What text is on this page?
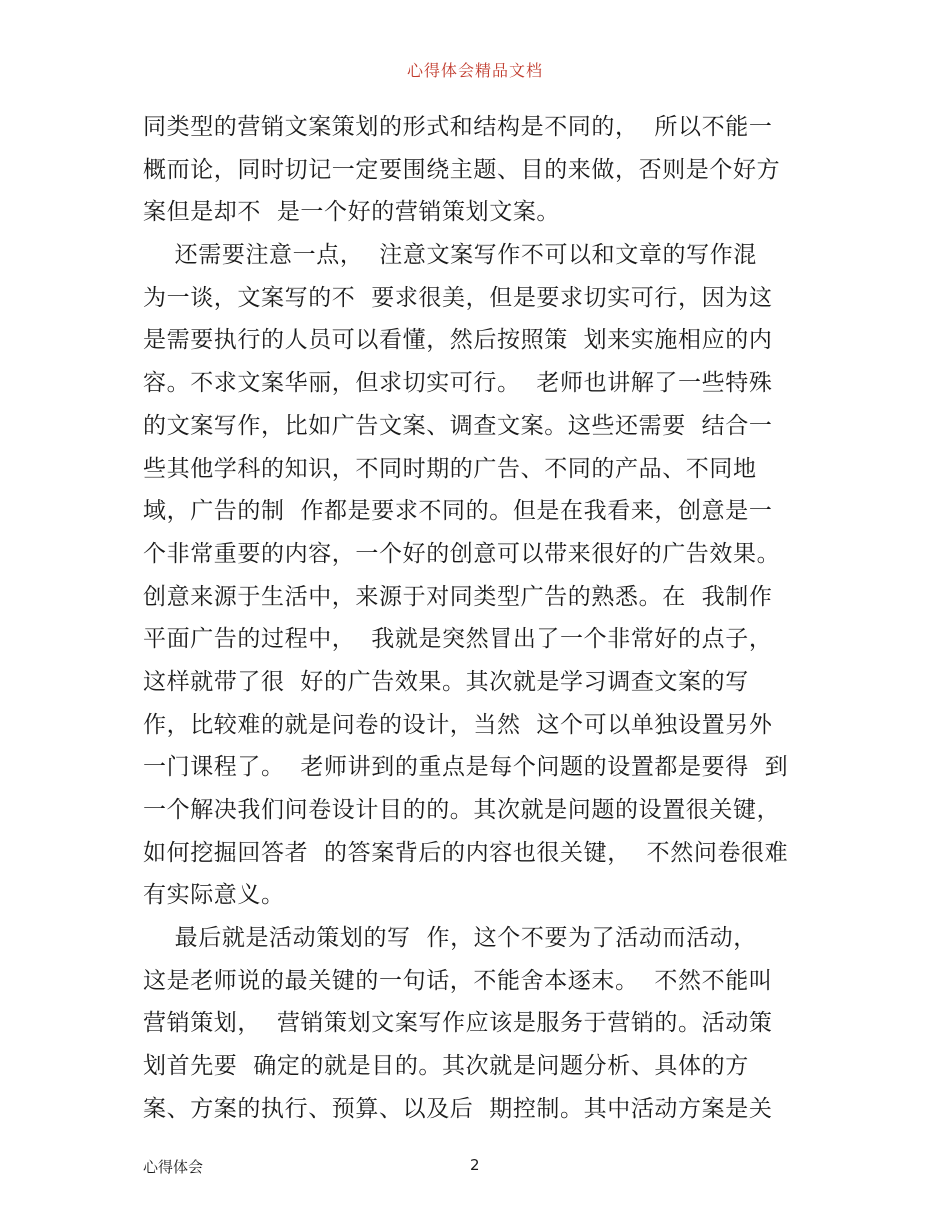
心得体会精品文档
同类型的营销文案策划的形式和结构是不同的，  所以不能一
概而论，同时切记一定要围绕主题、目的来做，否则是个好方
案但是却不  是一个好的营销策划文案。
还需要注意一点，  注意文案写作不可以和文章的写作混
为一谈，文案写的不  要求很美，但是要求切实可行，因为这
是需要执行的人员可以看懂，然后按照策  划来实施相应的内
容。不求文案华丽，但求切实可行。  老师也讲解了一些特殊
的文案写作，比如广告文案、调查文案。这些还需要  结合一
些其他学科的知识，不同时期的广告、不同的产品、不同地
域，广告的制  作都是要求不同的。但是在我看来，创意是一
个非常重要的内容，一个好的创意可以带来很好的广告效果。
创意来源于生活中，来源于对同类型广告的熟悉。在  我制作
平面广告的过程中，  我就是突然冒出了一个非常好的点子，
这样就带了很  好的广告效果。其次就是学习调查文案的写
作，比较难的就是问卷的设计，当然  这个可以单独设置另外
一门课程了。  老师讲到的重点是每个问题的设置都是要得  到
一个解决我们问卷设计目的的。其次就是问题的设置很关键，
如何挖掘回答者  的答案背后的内容也很关键，  不然问卷很难
有实际意义。
最后就是活动策划的写  作，这个不要为了活动而活动，
这是老师说的最关键的一句话，不能舍本逐末。  不然不能叫
营销策划，  营销策划文案写作应该是服务于营销的。活动策
划首先要  确定的就是目的。其次就是问题分析、具体的方
案、方案的执行、预算、以及后  期控制。其中活动方案是关
心得体会	2
